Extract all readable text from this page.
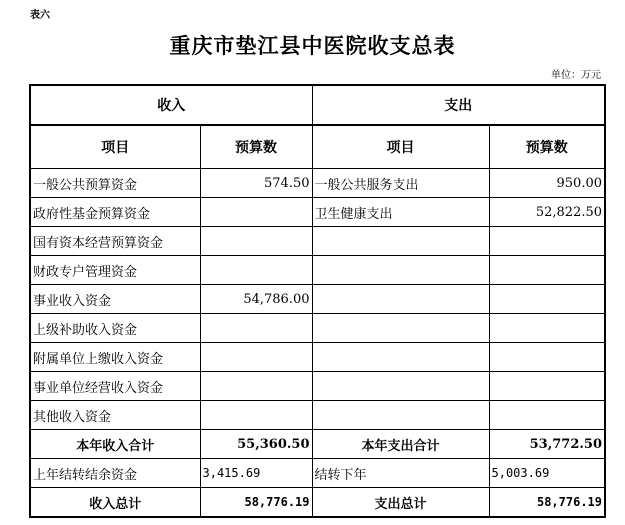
表六
重庆市垫江县中医院收支总表
单位：万元
收入		支出	
项目	预算数	项目	预算数
一般公共预算资金	574.50	一般公共服务支出	950.00
政府性基金预算资金		卫生健康支出	52,822.50
国有资本经营预算资金			
财政专户管理资金			
事业收入资金	54,786.00		
上级补助收入资金			
附属单位上缴收入资金			
事业单位经营收入资金			
其他收入资金			
本年收入合计	55,360.50	本年支出合计	53,772.50
上年结转结余资金	3,415.69	结转下年	5,003.69
收入总计	58,776.19	支出总计	58,776.19
